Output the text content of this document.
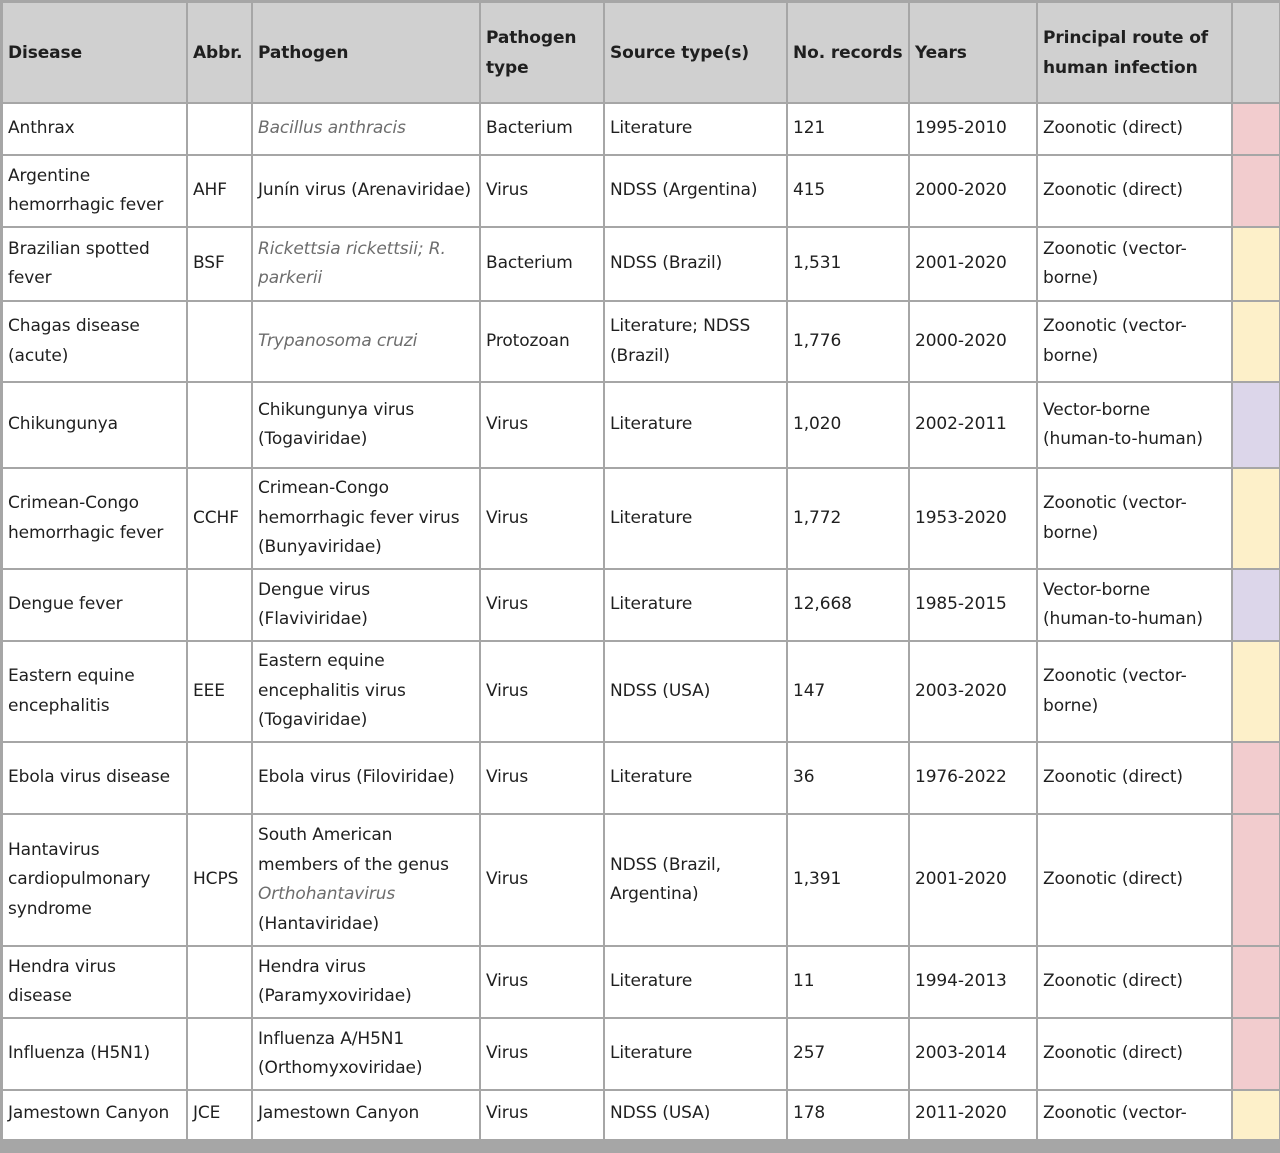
Disease	Abbr.	Pathogen	Pathogen type	Source type(s)	No. records	Years	Principal route of human infection	
Anthrax		Bacillus anthracis	Bacterium	Literature	121	1995-2010	Zoonotic (direct)	
Argentine hemorrhagic fever	AHF	Junín virus (Arenaviridae)	Virus	NDSS (Argentina)	415	2000-2020	Zoonotic (direct)	
Brazilian spotted fever	BSF	Rickettsia rickettsii; R. parkerii	Bacterium	NDSS (Brazil)	1,531	2001-2020	Zoonotic (vector-borne)	
Chagas disease (acute)		Trypanosoma cruzi	Protozoan	Literature; NDSS (Brazil)	1,776	2000-2020	Zoonotic (vector-borne)	
Chikungunya		Chikungunya virus (Togaviridae)	Virus	Literature	1,020	2002-2011	Vector-borne (human-to-human)	
Crimean-Congo hemorrhagic fever	CCHF	Crimean-Congo hemorrhagic fever virus (Bunyaviridae)	Virus	Literature	1,772	1953-2020	Zoonotic (vector-borne)	
Dengue fever		Dengue virus (Flaviviridae)	Virus	Literature	12,668	1985-2015	Vector-borne (human-to-human)	
Eastern equine encephalitis	EEE	Eastern equine encephalitis virus (Togaviridae)	Virus	NDSS (USA)	147	2003-2020	Zoonotic (vector-borne)	
Ebola virus disease		Ebola virus (Filoviridae)	Virus	Literature	36	1976-2022	Zoonotic (direct)	
Hantavirus cardiopulmonary syndrome	HCPS	South American members of the genus Orthohantavirus (Hantaviridae)	Virus	NDSS (Brazil, Argentina)	1,391	2001-2020	Zoonotic (direct)	
Hendra virus disease		Hendra virus (Paramyxoviridae)	Virus	Literature	11	1994-2013	Zoonotic (direct)	
Influenza (H5N1)		Influenza A/H5N1 (Orthomyxoviridae)	Virus	Literature	257	2003-2014	Zoonotic (direct)	
Jamestown Canyon	JCE	Jamestown Canyon	Virus	NDSS (USA)	178	2011-2020	Zoonotic (vector-	
